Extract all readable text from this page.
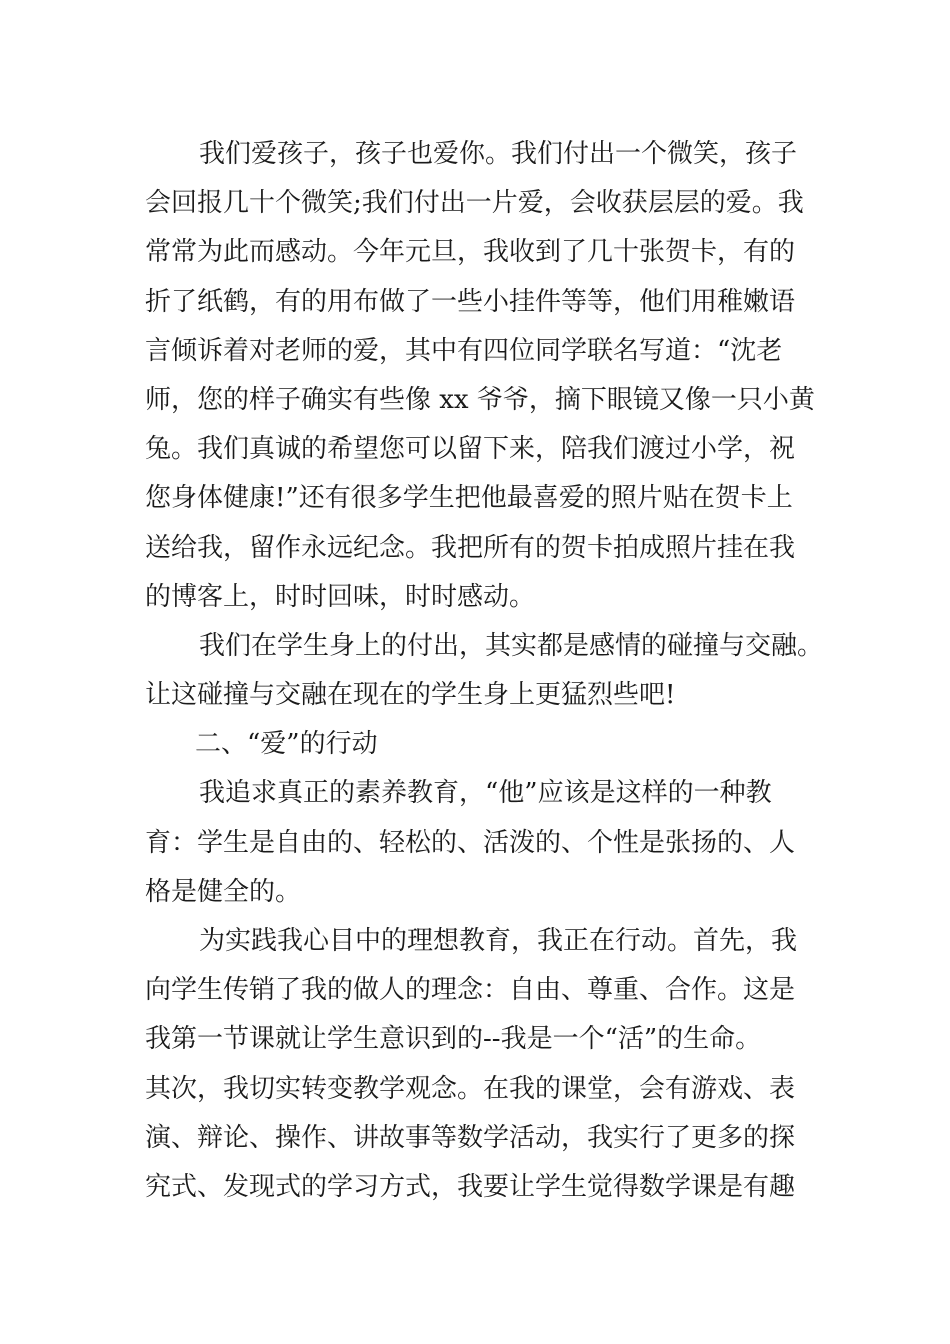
我们爱孩子，孩子也爱你。我们付出一个微笑，孩子
会回报几十个微笑;我们付出一片爱，会收获层层的爱。我
常常为此而感动。今年元旦，我收到了几十张贺卡，有的
折了纸鹤，有的用布做了一些小挂件等等，他们用稚嫩语
言倾诉着对老师的爱，其中有四位同学联名写道：“沈老
师，您的样子确实有些像 xx 爷爷，摘下眼镜又像一只小黄
兔。我们真诚的希望您可以留下来，陪我们渡过小学，祝
您身体健康!”还有很多学生把他最喜爱的照片贴在贺卡上
送给我，留作永远纪念。我把所有的贺卡拍成照片挂在我
的博客上，时时回味，时时感动。
我们在学生身上的付出，其实都是感情的碰撞与交融。
让这碰撞与交融在现在的学生身上更猛烈些吧!
二、“爱”的行动
我追求真正的素养教育，“他”应该是这样的一种教
育：学生是自由的、轻松的、活泼的、个性是张扬的、人
格是健全的。
为实践我心目中的理想教育，我正在行动。首先，我
向学生传销了我的做人的理念：自由、尊重、合作。这是
我第一节课就让学生意识到的--我是一个“活”的生命。
其次，我切实转变教学观念。在我的课堂，会有游戏、表
演、辩论、操作、讲故事等数学活动，我实行了更多的探
究式、发现式的学习方式，我要让学生觉得数学课是有趣
